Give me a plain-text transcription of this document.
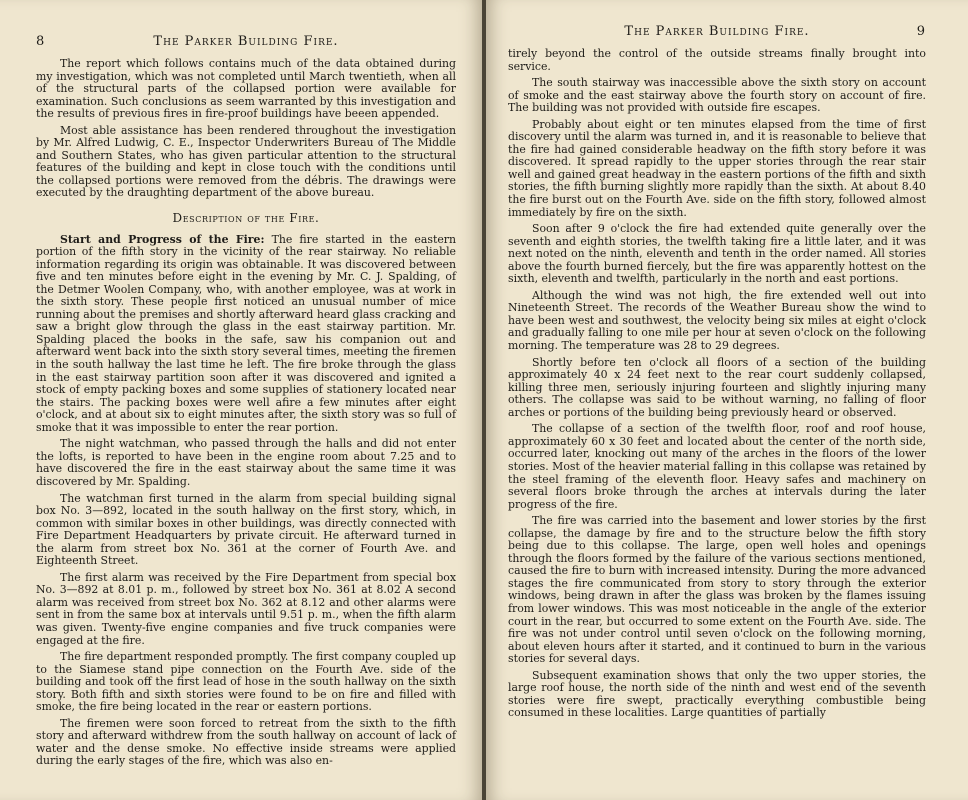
8	The Parker Building Fire.

The report which follows contains much of the data obtained during my investigation, which was not completed until March twentieth, when all of the structural parts of the collapsed portion were available for examination. Such conclusions as seem warranted by this investigation and the results of previous fires in fire-proof buildings have beeen appended.

Most able assistance has been rendered throughout the investigation by Mr. Alfred Ludwig, C. E., Inspector Underwriters Bureau of The Middle and Southern States, who has given particular attention to the structural features of the building and kept in close touch with the conditions until the collapsed portions were removed from the débris. The drawings were executed by the draughting department of the above bureau.

Description of the Fire.

Start and Progress of the Fire: The fire started in the eastern portion of the fifth story in the vicinity of the rear stairway. No reliable information regarding its origin was obtainable. It was discovered between five and ten minutes before eight in the evening by Mr. C. J. Spalding, of the Detmer Woolen Company, who, with another employee, was at work in the sixth story. These people first noticed an unusual number of mice running about the premises and shortly afterward heard glass cracking and saw a bright glow through the glass in the east stairway partition. Mr. Spalding placed the books in the safe, saw his companion out and afterward went back into the sixth story several times, meeting the firemen in the south hallway the last time he left. The fire broke through the glass in the east stairway partition soon after it was discovered and ignited a stock of empty packing boxes and some supplies of stationery located near the stairs. The packing boxes were well afire a few minutes after eight o'clock, and at about six to eight minutes after, the sixth story was so full of smoke that it was impossible to enter the rear portion.

The night watchman, who passed through the halls and did not enter the lofts, is reported to have been in the engine room about 7.25 and to have discovered the fire in the east stairway about the same time it was discovered by Mr. Spalding.

The watchman first turned in the alarm from special building signal box No. 3—892, located in the south hallway on the first story, which, in common with similar boxes in other buildings, was directly connected with Fire Department Headquarters by private circuit. He afterward turned in the alarm from street box No. 361 at the corner of Fourth Ave. and Eighteenth Street.

The first alarm was received by the Fire Department from special box No. 3—892 at 8.01 p. m., followed by street box No. 361 at 8.02 A second alarm was received from street box No. 362 at 8.12 and other alarms were sent in from the same box at intervals until 9.51 p. m., when the fifth alarm was given. Twenty-five engine companies and five truck companies were engaged at the fire.

The fire department responded promptly. The first company coupled up to the Siamese stand pipe connection on the Fourth Ave. side of the building and took off the first lead of hose in the south hallway on the sixth story. Both fifth and sixth stories were found to be on fire and filled with smoke, the fire being located in the rear or eastern portions.

The firemen were soon forced to retreat from the sixth to the fifth story and afterward withdrew from the south hallway on account of lack of water and the dense smoke. No effective inside streams were applied during the early stages of the fire, which was also en-

The Parker Building Fire.	9

tirely beyond the control of the outside streams finally brought into service.

The south stairway was inaccessible above the sixth story on account of smoke and the east stairway above the fourth story on account of fire. The building was not provided with outside fire escapes.

Probably about eight or ten minutes elapsed from the time of first discovery until the alarm was turned in, and it is reasonable to believe that the fire had gained considerable headway on the fifth story before it was discovered. It spread rapidly to the upper stories through the rear stair well and gained great headway in the eastern portions of the fifth and sixth stories, the fifth burning slightly more rapidly than the sixth. At about 8.40 the fire burst out on the Fourth Ave. side on the fifth story, followed almost immediately by fire on the sixth.

Soon after 9 o'clock the fire had extended quite generally over the seventh and eighth stories, the twelfth taking fire a little later, and it was next noted on the ninth, eleventh and tenth in the order named. All stories above the fourth burned fiercely, but the fire was apparently hottest on the sixth, eleventh and twelfth, particularly in the north and east portions.

Although the wind was not high, the fire extended well out into Nineteenth Street. The records of the Weather Bureau show the wind to have been west and southwest, the velocity being six miles at eight o'clock and gradually falling to one mile per hour at seven o'clock on the following morning. The temperature was 28 to 29 degrees.

Shortly before ten o'clock all floors of a section of the building approximately 40 x 24 feet next to the rear court suddenly collapsed, killing three men, seriously injuring fourteen and slightly injuring many others. The collapse was said to be without warning, no falling of floor arches or portions of the building being previously heard or observed.

The collapse of a section of the twelfth floor, roof and roof house, approximately 60 x 30 feet and located about the center of the north side, occurred later, knocking out many of the arches in the floors of the lower stories. Most of the heavier material falling in this collapse was retained by the steel framing of the eleventh floor. Heavy safes and machinery on several floors broke through the arches at intervals during the later progress of the fire.

The fire was carried into the basement and lower stories by the first collapse, the damage by fire and to the structure below the fifth story being due to this collapse. The large, open well holes and openings through the floors formed by the failure of the various sections mentioned, caused the fire to burn with increased intensity. During the more advanced stages the fire communicated from story to story through the exterior windows, being drawn in after the glass was broken by the flames issuing from lower windows. This was most noticeable in the angle of the exterior court in the rear, but occurred to some extent on the Fourth Ave. side. The fire was not under control until seven o'clock on the following morning, about eleven hours after it started, and it continued to burn in the various stories for several days.

Subsequent examination shows that only the two upper stories, the large roof house, the north side of the ninth and west end of the seventh stories were fire swept, practically everything combustible being consumed in these localities. Large quantities of partially
